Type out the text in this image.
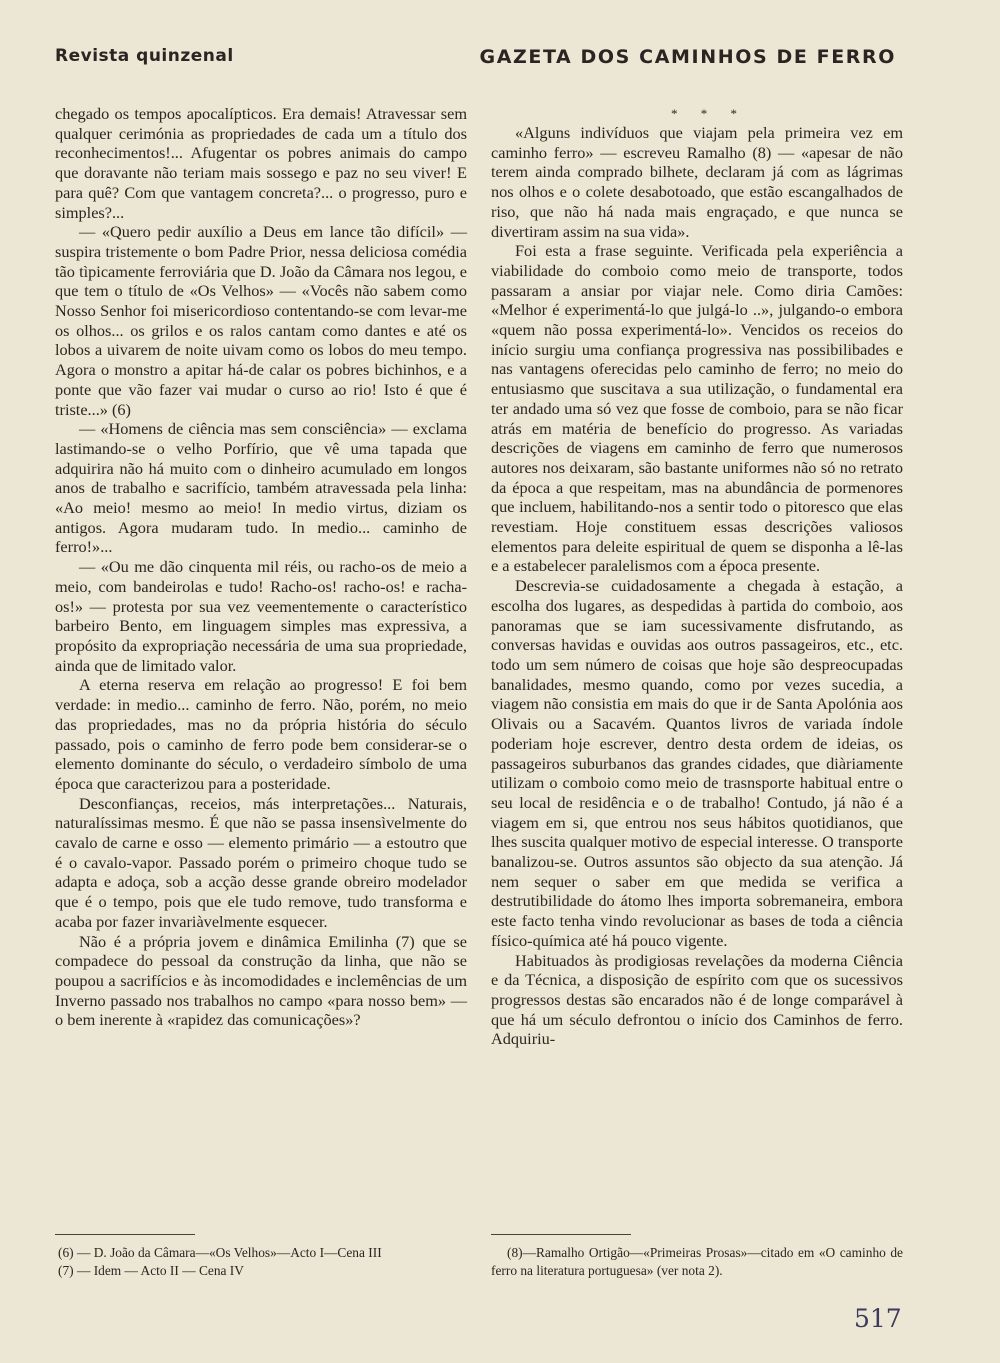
Revista quinzenal	GAZETA DOS CAMINHOS DE FERRO

chegado os tempos apocalípticos. Era demais! Atravessar sem qualquer cerimónia as propriedades de cada um a título dos reconhecimentos!... Afugentar os pobres animais do campo que doravante não teriam mais sossego e paz no seu viver! E para quê? Com que vantagem concreta?... o progresso, puro e simples?...

— «Quero pedir auxílio a Deus em lance tão difícil» — suspira tristemente o bom Padre Prior, nessa deliciosa comédia tão tìpicamente ferroviária que D. João da Câmara nos legou, e que tem o título de «Os Velhos» — «Vocês não sabem como Nosso Senhor foi misericordioso contentando-se com levar-me os olhos... os grilos e os ralos cantam como dantes e até os lobos a uivarem de noite uivam como os lobos do meu tempo. Agora o monstro a apitar há-de calar os pobres bichinhos, e a ponte que vão fazer vai mudar o curso ao rio! Isto é que é triste...» (6)

— «Homens de ciência mas sem consciência» — exclama lastimando-se o velho Porfírio, que vê uma tapada que adquirira não há muito com o dinheiro acumulado em longos anos de trabalho e sacrifício, também atravessada pela linha: «Ao meio! mesmo ao meio! In medio virtus, diziam os antigos. Agora mudaram tudo. In medio... caminho de ferro!»...

— «Ou me dão cinquenta mil réis, ou racho-os de meio a meio, com bandeirolas e tudo! Racho-os! racho-os! e racha-os!» — protesta por sua vez veementemente o característico barbeiro Bento, em linguagem simples mas expressiva, a propósito da expropriação necessária de uma sua propriedade, ainda que de limitado valor.

A eterna reserva em relação ao progresso! E foi bem verdade: in medio... caminho de ferro. Não, porém, no meio das propriedades, mas no da própria história do século passado, pois o caminho de ferro pode bem considerar-se o elemento dominante do século, o verdadeiro símbolo de uma época que caracterizou para a posteridade.

Desconfianças, receios, más interpretações... Naturais, naturalíssimas mesmo. É que não se passa insensìvelmente do cavalo de carne e osso — elemento primário — a estoutro que é o cavalo-vapor. Passado porém o primeiro choque tudo se adapta e adoça, sob a acção desse grande obreiro modelador que é o tempo, pois que ele tudo remove, tudo transforma e acaba por fazer invariàvelmente esquecer.

Não é a própria jovem e dinâmica Emilinha (7) que se compadece do pessoal da construção da linha, que não se poupou a sacrifícios e às incomodidades e inclemências de um Inverno passado nos trabalhos no campo «para nosso bem» — o bem inerente à «rapidez das comunicações»?

* * *

«Alguns indivíduos que viajam pela primeira vez em caminho ferro» — escreveu Ramalho (8) — «apesar de não terem ainda comprado bilhete, declaram já com as lágrimas nos olhos e o colete desabotoado, que estão escangalhados de riso, que não há nada mais engraçado, e que nunca se divertiram assim na sua vida».

Foi esta a frase seguinte. Verificada pela experiência a viabilidade do comboio como meio de transporte, todos passaram a ansiar por viajar nele. Como diria Camões: «Melhor é experimentá-lo que julgá-lo ..», julgando-o embora «quem não possa experimentá-lo». Vencidos os receios do início surgiu uma confiança progressiva nas possibilibades e nas vantagens oferecidas pelo caminho de ferro; no meio do entusiasmo que suscitava a sua utilização, o fundamental era ter andado uma só vez que fosse de comboio, para se não ficar atrás em matéria de benefício do progresso. As variadas descrições de viagens em caminho de ferro que numerosos autores nos deixaram, são bastante uniformes não só no retrato da época a que respeitam, mas na abundância de pormenores que incluem, habilitando-nos a sentir todo o pitoresco que elas revestiam. Hoje constituem essas descrições valiosos elementos para deleite espiritual de quem se disponha a lê-las e a estabelecer paralelismos com a época presente.

Descrevia-se cuidadosamente a chegada à estação, a escolha dos lugares, as despedidas à partida do comboio, aos panoramas que se iam sucessivamente disfrutando, as conversas havidas e ouvidas aos outros passageiros, etc., etc. todo um sem número de coisas que hoje são despreocupadas banalidades, mesmo quando, como por vezes sucedia, a viagem não consistia em mais do que ir de Santa Apolónia aos Olivais ou a Sacavém. Quantos livros de variada índole poderiam hoje escrever, dentro desta ordem de ideias, os passageiros suburbanos das grandes cidades, que diàriamente utilizam o comboio como meio de trasnsporte habitual entre o seu local de residência e o de trabalho! Contudo, já não é a viagem em si, que entrou nos seus hábitos quotidianos, que lhes suscita qualquer motivo de especial interesse. O transporte banalizou-se. Outros assuntos são objecto da sua atenção. Já nem sequer o saber em que medida se verifica a destrutibilidade do átomo lhes importa sobremaneira, embora este facto tenha vindo revolucionar as bases de toda a ciência físico-química até há pouco vigente.

Habituados às prodigiosas revelações da moderna Ciência e da Técnica, a disposição de espírito com que os sucessivos progressos destas são encarados não é de longe comparável à que há um século defrontou o início dos Caminhos de ferro. Adquiriu-

(6) — D. João da Câmara—«Os Velhos»—Acto I—Cena III

(7) — Idem — Acto II — Cena IV

(8)—Ramalho Ortigão—«Primeiras Prosas»—citado em «O caminho de ferro na literatura portuguesa» (ver nota 2).

517
